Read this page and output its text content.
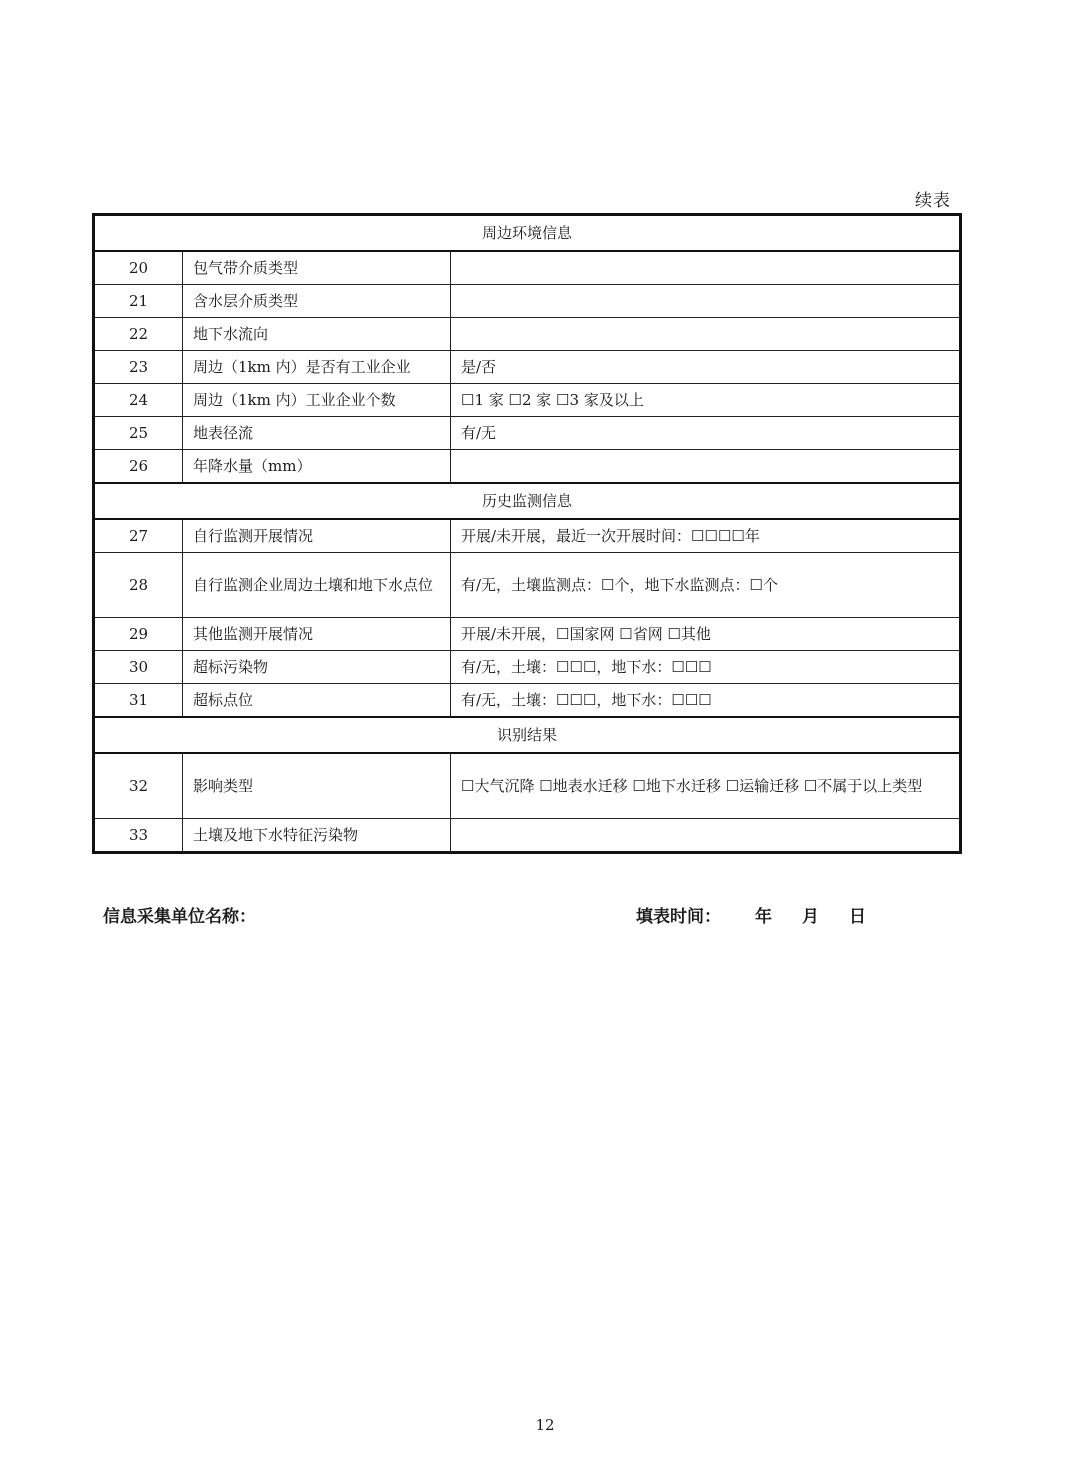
续表
周边环境信息		
20	包气带介质类型	
21	含水层介质类型	
22	地下水流向	
23	周边（1km 内）是否有工业企业	是/否
24	周边（1km 内）工业企业个数	☐1 家 ☐2 家 ☐3 家及以上
25	地表径流	有/无
26	年降水量（mm）	
历史监测信息		
27	自行监测开展情况	开展/未开展，最近一次开展时间：☐☐☐☐年
28	自行监测企业周边土壤和地下水点位	有/无，土壤监测点：☐个，地下水监测点：☐个
29	其他监测开展情况	开展/未开展，☐国家网 ☐省网 ☐其他
30	超标污染物	有/无，土壤：☐☐☐，地下水：☐☐☐
31	超标点位	有/无，土壤：☐☐☐，地下水：☐☐☐
识别结果		
32	影响类型	☐大气沉降 ☐地表水迁移 ☐地下水迁移 ☐运输迁移 ☐不属于以上类型
33	土壤及地下水特征污染物	
信息采集单位名称：	填表时间： 年 月 日
12
